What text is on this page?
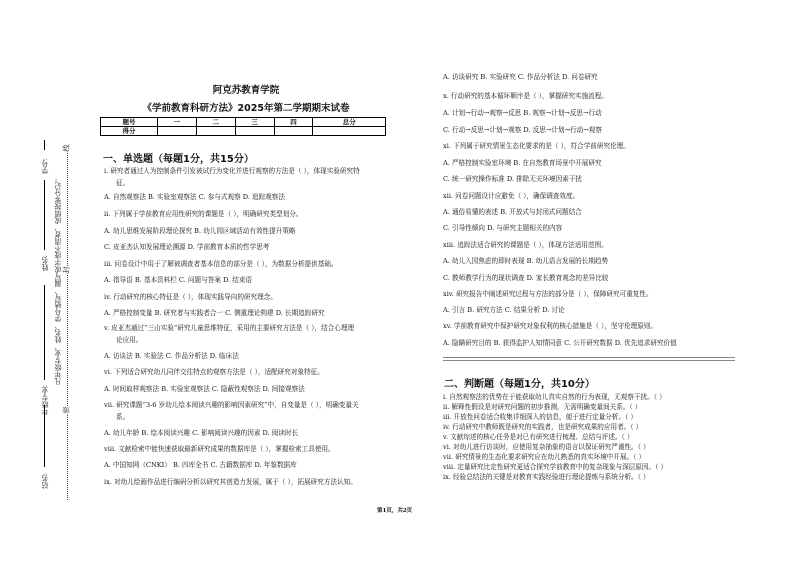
学号:
姓名:
年级专业:
站名:
凡年级专业、姓名、学号错写、漏写或字迹不清者，成绩按零分记。
密
封
线
阿克苏教育学院
《学前教育科研方法》2025年第二学期期末试卷
题号	一	二	三	四	总分
得分					
一、单选题（每题1分，共15分）
二、判断题（每题1分，共10分）
第1页，共2页
i. 研究者通过人为控制条件引发被试行为变化并进行观察的方法是（ ），体现实验研究特
征。
A. 自然观察法 B. 实验室观察法 C. 参与式观察 D. 追踪观察法
ii. 下列属于学前教育应用性研究的课题是（ ），明确研究类型划分。
A. 幼儿思维发展阶段理论探究 B. 幼儿园区域活动有效性提升策略
C. 皮亚杰认知发展理论溯源 D. 学前教育本质的哲学思考
iii. 问卷设计中用于了解被调查者基本信息的部分是（ ），为数据分析提供基础。
A. 指导语 B. 基本资料栏 C. 问题与答案 D. 结束语
iv. 行动研究的核心特征是（ ），体现实践导向的研究理念。
A. 严格控制变量 B. 研究者与实践者合一 C. 侧重理论构建 D. 长期追踪研究
v. 皮亚杰通过“三山实验”研究儿童思维特征，采用的主要研究方法是（ ），结合心理理
论应用。
A. 访谈法 B. 实验法 C. 作品分析法 D. 临床法
vi. 下列适合研究幼儿同伴交往特点的观察方法是（ ），适配研究对象特征。
A. 时间取样观察法 B. 实验室观察法 C. 隐蔽性观察法 D. 间接观察法
vii. 研究课题“3-6 岁幼儿绘本阅读兴趣的影响因素研究”中，自变量是（ ），明确变量关
系。
A. 幼儿年龄 B. 绘本阅读兴趣 C. 影响阅读兴趣的因素 D. 阅读时长
viii. 文献检索中能快速获取最新研究成果的数据库是（ ），掌握检索工具使用。
A. 中国知网（CNKI） B. 四库全书 C. 古籍数据库 D. 年鉴数据库
ix. 对幼儿绘画作品进行编码分析以研究其创造力发展，属于（ ），拓展研究方法认知。
A. 访谈研究 B. 实验研究 C. 作品分析法 D. 问卷研究
x. 行动研究的基本循环顺序是（ ），掌握研究实施流程。
A. 计划→行动→观察→反思 B. 观察→计划→反思→行动
C. 行动→反思→计划→观察 D. 反思→计划→行动→观察
xi. 下列属于研究情景生态化要求的是（ ），符合学前研究伦理。
A. 严格控制实验室环境 B. 在自然教育场景中开展研究
C. 统一研究操作标准 D. 排除无关环境因素干扰
xii. 问卷问题设计应避免（ ），确保调查效度。
A. 通俗易懂的表述 B. 开放式与封闭式问题结合
C. 引导性倾向 D. 与研究主题相关的内容
xiii. 追踪法适合研究的课题是（ ），体现方法适用范围。
A. 幼儿入园焦虑的即时表现 B. 幼儿语言发展的长期趋势
C. 教师教学行为的现状调查 D. 家长教育观念的差异比较
xiv. 研究报告中阐述研究过程与方法的部分是（ ），保障研究可重复性。
A. 引言 B. 研究方法 C. 结果分析 D. 讨论
xv. 学前教育研究中保护研究对象权利的核心措施是（ ），坚守伦理原则。
A. 隐瞒研究目的 B. 获得监护人知情同意 C. 公开研究数据 D. 优先追求研究价值
i. 自然观察法的优势在于能获取幼儿真实自然的行为表现，无观察干扰。（ ）
ii. 解释性假设是对研究问题的初步推测，无需明确变量间关系。（ ）
iii. 开放性问卷适合收集详细深入的信息，便于进行定量分析。（ ）
iv. 行动研究中教师既是研究的实践者，也是研究成果的应用者。（ ）
v. 文献综述的核心任务是对已有研究进行梳理、总结与评述。（ ）
vi. 对幼儿进行访谈时，应使用复杂抽象的语言以保证研究严谨性。（ ）
vii. 研究情景的生态化要求研究应在幼儿熟悉的真实环境中开展。（ ）
viii. 定量研究比定性研究更适合探究学前教育中的复杂现象与深层原因。（ ）
ix. 经验总结法的关键是对教育实践经验进行理论提炼与系统分析。（ ）
